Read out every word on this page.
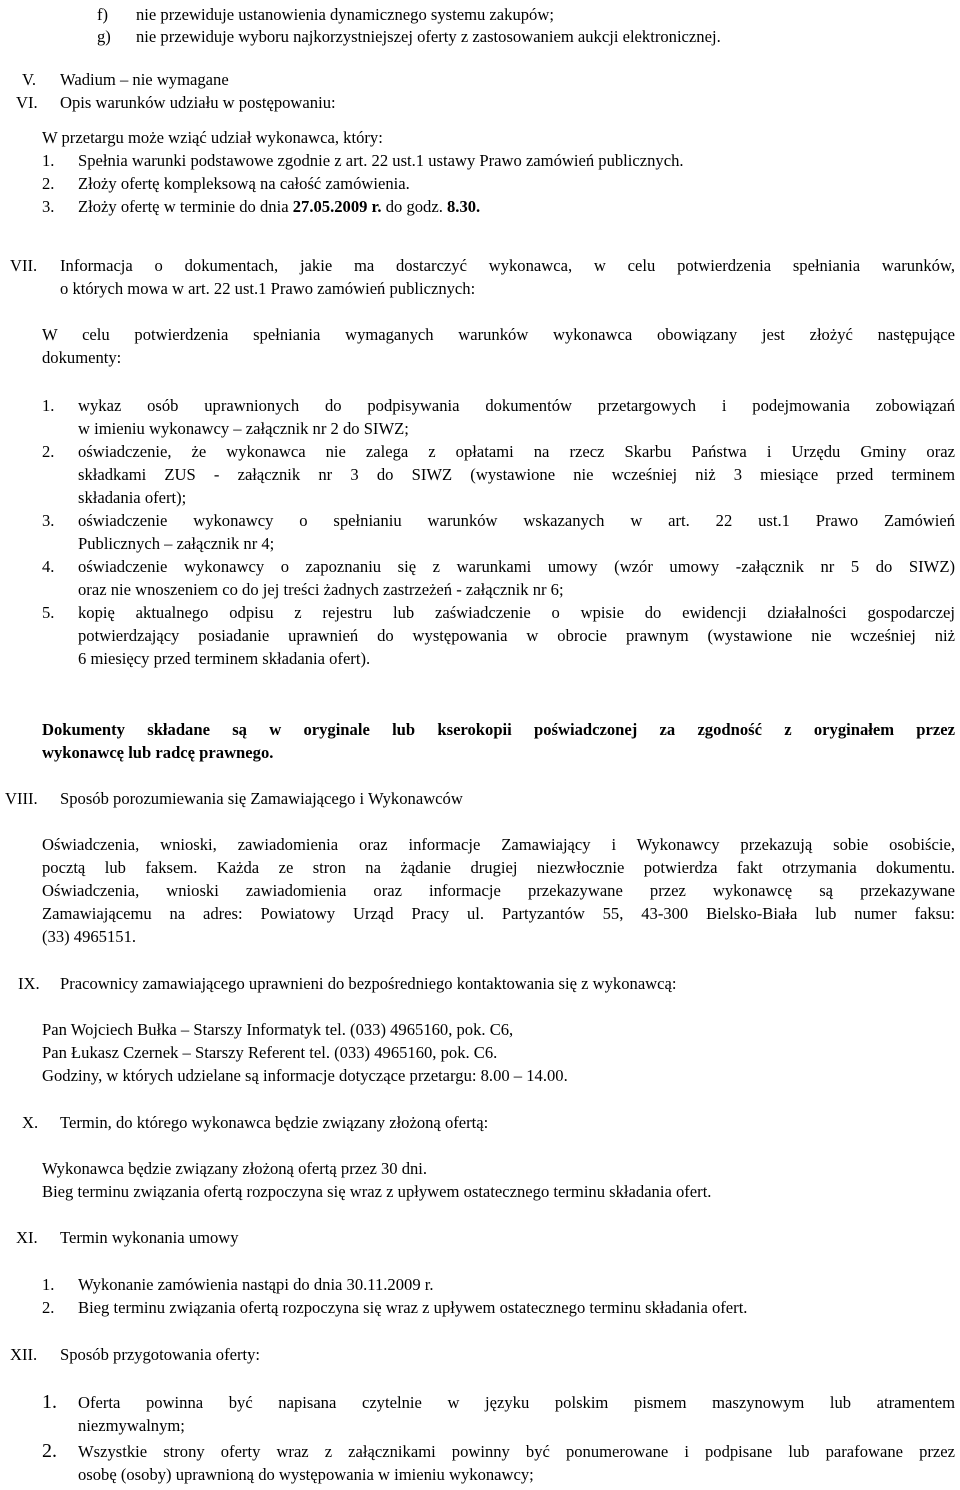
f) nie przewiduje ustanowienia dynamicznego systemu zakupów;
g) nie przewiduje wyboru najkorzystniejszej oferty z zastosowaniem aukcji elektronicznej.
V. Wadium – nie wymagane
VI. Opis warunków udziału w postępowaniu:
W przetargu może wziąć udział wykonawca, który:
1. Spełnia warunki podstawowe zgodnie z art. 22 ust.1 ustawy Prawo zamówień publicznych.
2. Złoży ofertę kompleksową na całość zamówienia.
3. Złoży ofertę w terminie do dnia 27.05.2009 r. do godz. 8.30.
VII. Informacja o dokumentach, jakie ma dostarczyć wykonawca, w celu potwierdzenia spełniania warunków,
o których mowa w art. 22 ust.1 Prawo zamówień publicznych:
W celu potwierdzenia spełniania wymaganych warunków wykonawca obowiązany jest złożyć następujące
dokumenty:
1. wykaz osób uprawnionych do podpisywania dokumentów przetargowych i podejmowania zobowiązań
w imieniu wykonawcy – załącznik nr 2 do SIWZ;
2. oświadczenie, że wykonawca nie zalega z opłatami na rzecz Skarbu Państwa i Urzędu Gminy oraz
składkami ZUS - załącznik nr 3 do SIWZ (wystawione nie wcześniej niż 3 miesiące przed terminem
składania ofert);
3. oświadczenie wykonawcy o spełnianiu warunków wskazanych w art. 22 ust.1 Prawo Zamówień
Publicznych – załącznik nr 4;
4. oświadczenie wykonawcy o zapoznaniu się z warunkami umowy (wzór umowy -załącznik nr 5 do SIWZ)
oraz nie wnoszeniem co do jej treści żadnych zastrzeżeń - załącznik nr 6;
5. kopię aktualnego odpisu z rejestru lub zaświadczenie o wpisie do ewidencji działalności gospodarczej
potwierdzający posiadanie uprawnień do występowania w obrocie prawnym (wystawione nie wcześniej niż
6 miesięcy przed terminem składania ofert).
Dokumenty składane są w oryginale lub kserokopii poświadczonej za zgodność z oryginałem przez
wykonawcę lub radcę prawnego.
VIII. Sposób porozumiewania się Zamawiającego i Wykonawców
Oświadczenia, wnioski, zawiadomienia oraz informacje Zamawiający i Wykonawcy przekazują sobie osobiście,
pocztą lub faksem. Każda ze stron na żądanie drugiej niezwłocznie potwierdza fakt otrzymania dokumentu.
Oświadczenia, wnioski zawiadomienia oraz informacje przekazywane przez wykonawcę są przekazywane
Zamawiającemu na adres: Powiatowy Urząd Pracy ul. Partyzantów 55, 43-300 Bielsko-Biała lub numer faksu:
(33) 4965151.
IX. Pracownicy zamawiającego uprawnieni do bezpośredniego kontaktowania się z wykonawcą:
Pan Wojciech Bułka – Starszy Informatyk tel. (033) 4965160, pok. C6,
Pan Łukasz Czernek – Starszy Referent tel. (033) 4965160, pok. C6.
Godziny, w których udzielane są informacje dotyczące przetargu: 8.00 – 14.00.
X. Termin, do którego wykonawca będzie związany złożoną ofertą:
Wykonawca będzie związany złożoną ofertą przez 30 dni.
Bieg terminu związania ofertą rozpoczyna się wraz z upływem ostatecznego terminu składania ofert.
XI. Termin wykonania umowy
1. Wykonanie zamówienia nastąpi do dnia 30.11.2009 r.
2. Bieg terminu związania ofertą rozpoczyna się wraz z upływem ostatecznego terminu składania ofert.
XII. Sposób przygotowania oferty:
1. Oferta powinna być napisana czytelnie w języku polskim pismem maszynowym lub atramentem
niezmywalnym;
2. Wszystkie strony oferty wraz z załącznikami powinny być ponumerowane i podpisane lub parafowane przez
osobę (osoby) uprawnioną do występowania w imieniu wykonawcy;
